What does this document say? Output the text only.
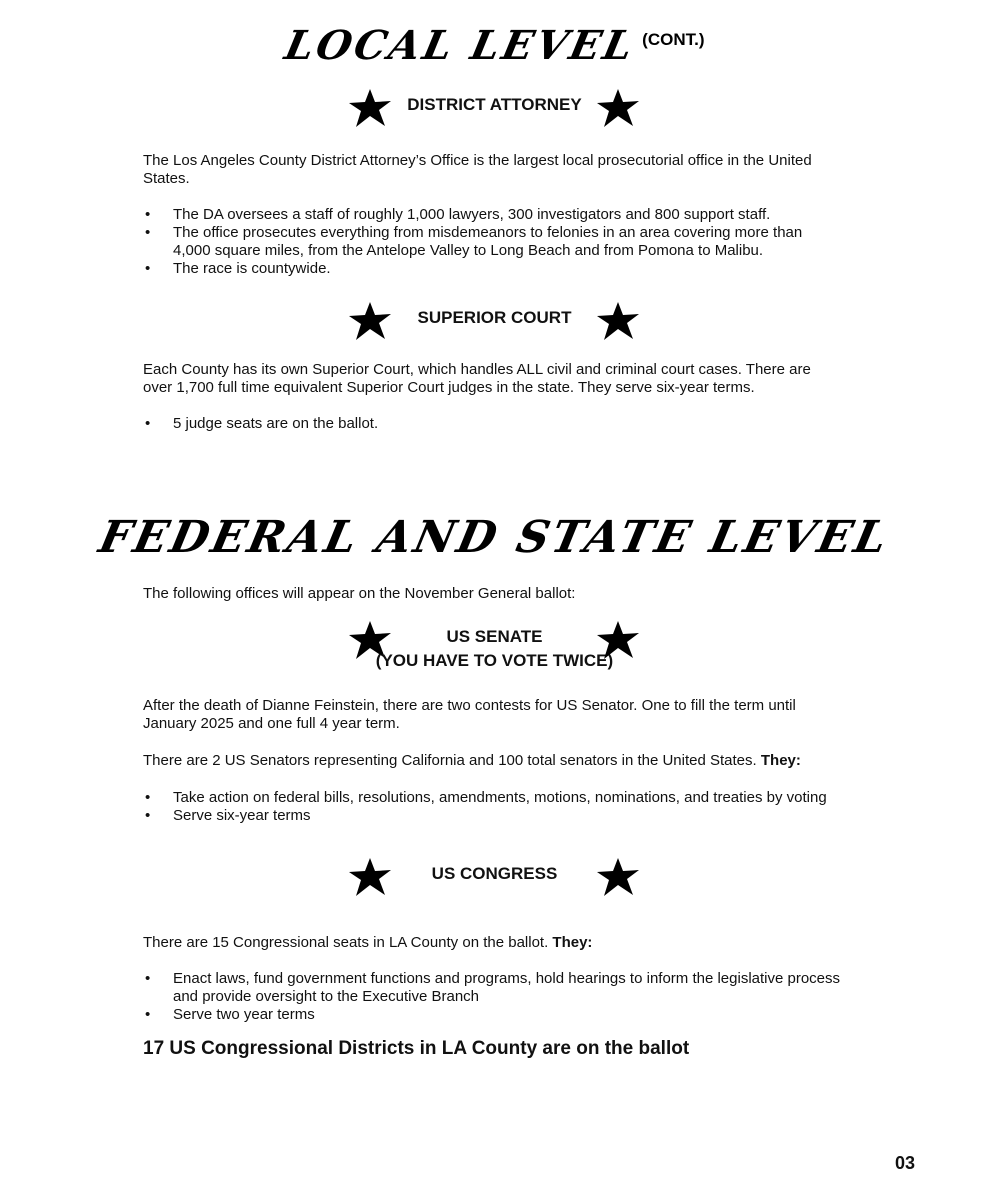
LOCAL LEVEL (CONT.)
DISTRICT ATTORNEY

The Los Angeles County District Attorney’s Office is the largest local prosecutorial office in the United States.

• The DA oversees a staff of roughly 1,000 lawyers, 300 investigators and 800 support staff.
• The office prosecutes everything from misdemeanors to felonies in an area covering more than 4,000 square miles, from the Antelope Valley to Long Beach and from Pomona to Malibu.
• The race is countywide.
SUPERIOR COURT

Each County has its own Superior Court, which handles ALL civil and criminal court cases. There are over 1,700 full time equivalent Superior Court judges in the state. They serve six-year terms.

• 5 judge seats are on the ballot.
FEDERAL AND STATE LEVEL

The following offices will appear on the November General ballot:

US SENATE
(YOU HAVE TO VOTE TWICE)

After the death of Dianne Feinstein, there are two contests for US Senator. One to fill the term until January 2025 and one full 4 year term.

There are 2 US Senators representing California and 100 total senators in the United States. They:

• Take action on federal bills, resolutions, amendments, motions, nominations, and treaties by voting
• Serve six-year terms
US CONGRESS

There are 15 Congressional seats in LA County on the ballot. They:

• Enact laws, fund government functions and programs, hold hearings to inform the legislative process and provide oversight to the Executive Branch
• Serve two year terms
17 US Congressional Districts in LA County are on the ballot
03
